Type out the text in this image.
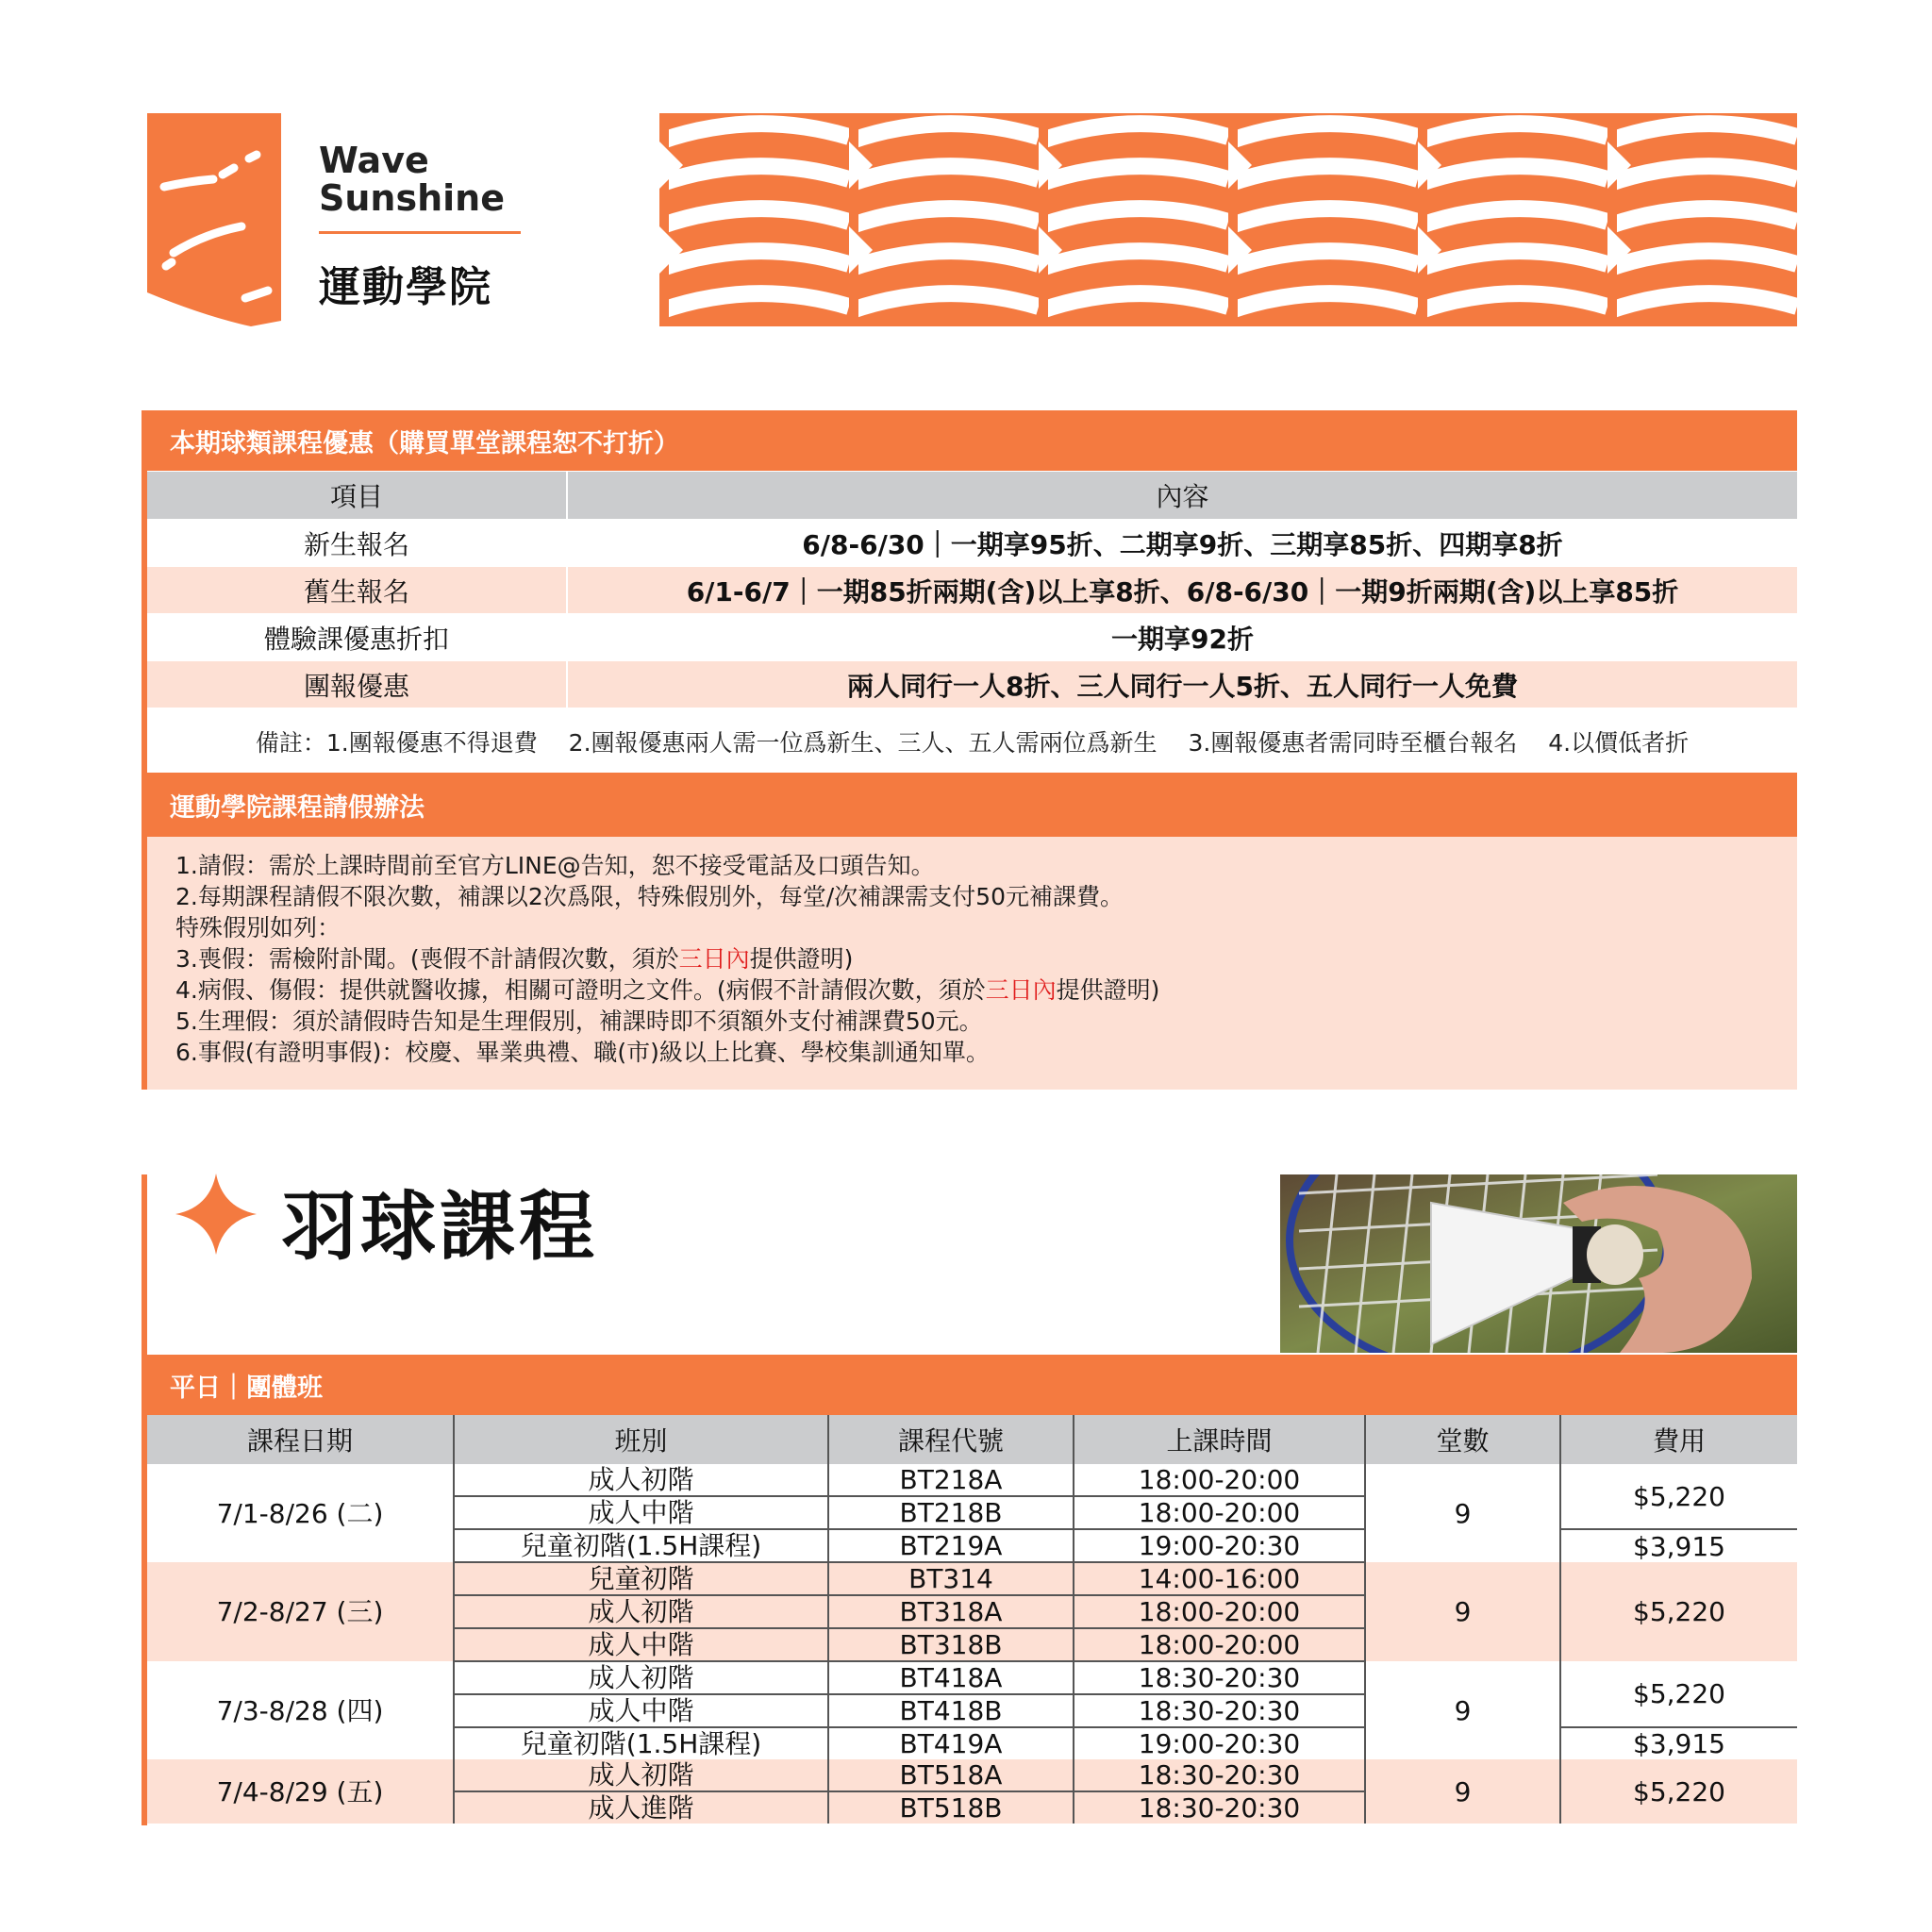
Wave
Sunshine
運動學院
本期球類課程優惠（購買單堂課程恕不打折）
項目	內容
新生報名	6/8-6/30｜一期享95折、二期享9折、三期享85折、四期享8折
舊生報名	6/1-6/7｜一期85折兩期(含)以上享8折、6/8-6/30｜一期9折兩期(含)以上享85折
體驗課優惠折扣	一期享92折
團報優惠	兩人同行一人8折、三人同行一人5折、五人同行一人免費
備註：1.團報優惠不得退費　 2.團報優惠兩人需一位爲新生、三人、五人需兩位爲新生　 3.團報優惠者需同時至櫃台報名　 4.以價低者折
運動學院課程請假辦法
1.請假：需於上課時間前至官方LINE@告知，恕不接受電話及口頭告知。
2.每期課程請假不限次數，補課以2次爲限，特殊假別外，每堂/次補課需支付50元補課費。
特殊假別如列：
3.喪假：需檢附訃聞。(喪假不計請假次數，須於三日內提供證明)
4.病假、傷假：提供就醫收據，相關可證明之文件。(病假不計請假次數，須於三日內提供證明)
5.生理假：須於請假時告知是生理假別，補課時即不須額外支付補課費50元。
6.事假(有證明事假)：校慶、畢業典禮、職(市)級以上比賽、學校集訓通知單。
羽球課程
平日｜團體班
課程日期	班別	課程代號	上課時間	堂數	費用
7/1-8/26 (二)	成人初階	BT218A	18:00-20:00	9	$5,220
	成人中階	BT218B	18:00-20:00		
	兒童初階(1.5H課程)	BT219A	19:00-20:30		$3,915
7/2-8/27 (三)	兒童初階	BT314	14:00-16:00	9	$5,220
	成人初階	BT318A	18:00-20:00		
	成人中階	BT318B	18:00-20:00		
7/3-8/28 (四)	成人初階	BT418A	18:30-20:30	9	$5,220
	成人中階	BT418B	18:30-20:30		
	兒童初階(1.5H課程)	BT419A	19:00-20:30		$3,915
7/4-8/29 (五)	成人初階	BT518A	18:30-20:30	9	$5,220
	成人進階	BT518B	18:30-20:30		
